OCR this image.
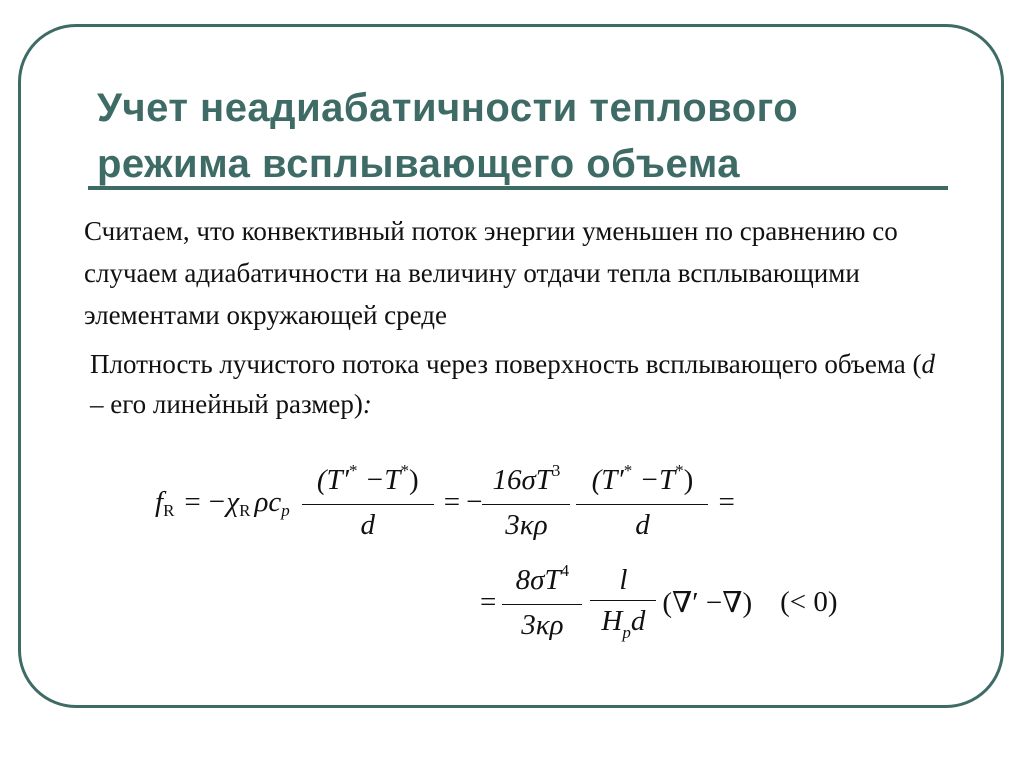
Учет неадиабатичности теплового
режима всплывающего объема

Считаем, что конвективный поток энергии уменьшен по сравнению со случаем адиабатичности на величину отдачи тепла всплывающими элементами окружающей среде

Плотность лучистого потока через поверхность всплывающего объема (d – его линейный размер):

f R = −χ R ρc p $\frac{(T'^* -T^*)}{d}$ = − $\frac{16\sigma T^3}{3\kappa\rho} \frac{(T'^* -T^*)}{d}$ =
= $\frac{8\sigma T^4}{3\kappa\rho} \frac{l}{H_pd}$ (∇′ −∇) (< 0)
